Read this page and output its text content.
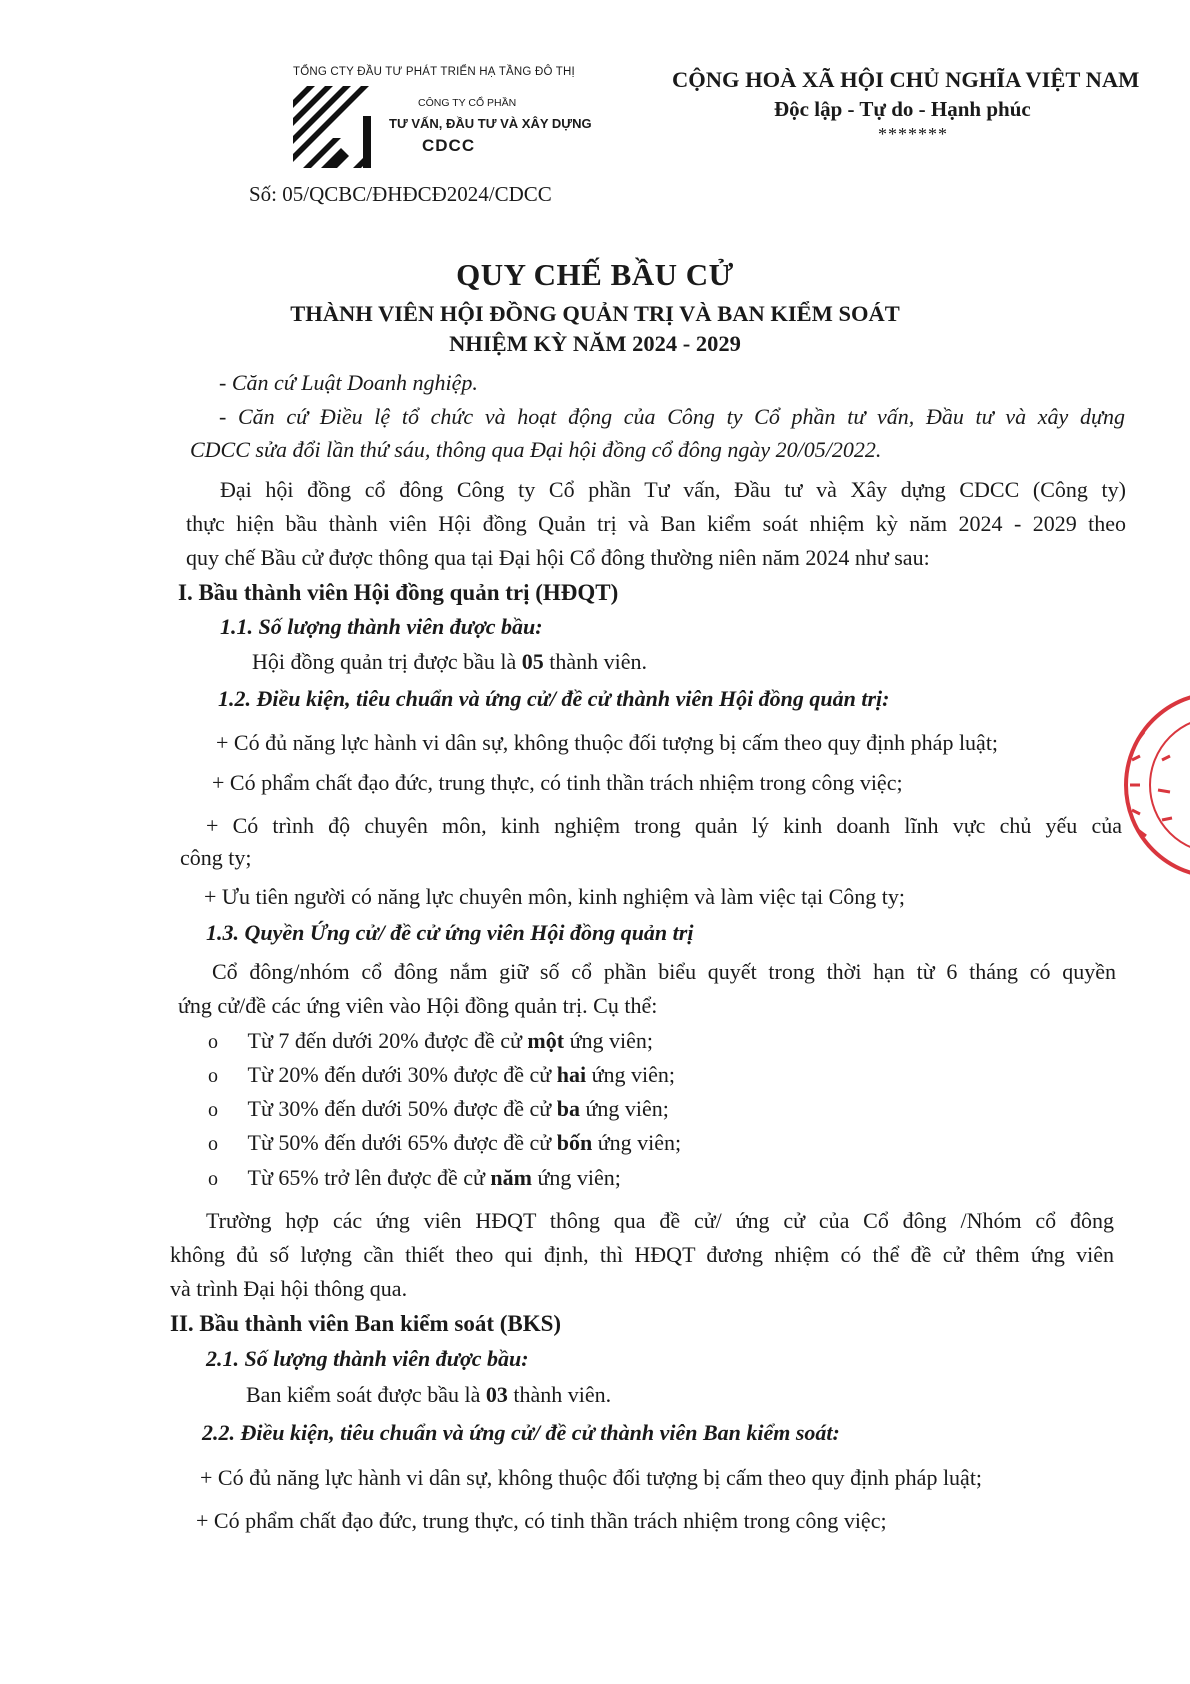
TỔNG CTY ĐẦU TƯ PHÁT TRIỂN HẠ TẦNG ĐÔ THỊ
CÔNG TY CỔ PHẦN
TƯ VẤN, ĐẦU TƯ VÀ XÂY DỰNG
CDCC
Số: 05/QCBC/ĐHĐCĐ2024/CDCC
CỘNG HOÀ XÃ HỘI CHỦ NGHĨA VIỆT NAM
Độc lập - Tự do - Hạnh phúc
*******
QUY CHẾ BẦU CỬ
THÀNH VIÊN HỘI ĐỒNG QUẢN TRỊ VÀ BAN KIỂM SOÁT
NHIỆM KỲ NĂM 2024 - 2029
- Căn cứ Luật Doanh nghiệp.
- Căn cứ Điều lệ tổ chức và hoạt động của Công ty Cổ phần tư vấn, Đầu tư và xây dựng
CDCC sửa đổi lần thứ sáu, thông qua Đại hội đồng cổ đông ngày 20/05/2022.
Đại hội đồng cổ đông Công ty Cổ phần Tư vấn, Đầu tư và Xây dựng CDCC (Công ty)
thực hiện bầu thành viên Hội đồng Quản trị và Ban kiểm soát nhiệm kỳ năm 2024 - 2029 theo
quy chế Bầu cử được thông qua tại Đại hội Cổ đông thường niên năm 2024 như sau:
I. Bầu thành viên Hội đồng quản trị (HĐQT)
1.1. Số lượng thành viên được bầu:
Hội đồng quản trị được bầu là 05 thành viên.
1.2. Điều kiện, tiêu chuẩn và ứng cử/ đề cử thành viên Hội đồng quản trị:
+ Có đủ năng lực hành vi dân sự, không thuộc đối tượng bị cấm theo quy định pháp luật;
+ Có phẩm chất đạo đức, trung thực, có tinh thần trách nhiệm trong công việc;
+ Có trình độ chuyên môn, kinh nghiệm trong quản lý kinh doanh lĩnh vực chủ yếu của
công ty;
+ Ưu tiên người có năng lực chuyên môn, kinh nghiệm và làm việc tại Công ty;
1.3. Quyền Ứng cử/ đề cử ứng viên Hội đồng quản trị
Cổ đông/nhóm cổ đông nắm giữ số cổ phần biểu quyết trong thời hạn từ 6 tháng có quyền
ứng cử/đề các ứng viên vào Hội đồng quản trị. Cụ thể:
o Từ 7 đến dưới 20% được đề cử một ứng viên;
o Từ 20% đến dưới 30% được đề cử hai ứng viên;
o Từ 30% đến dưới 50% được đề cử ba ứng viên;
o Từ 50% đến dưới 65% được đề cử bốn ứng viên;
o Từ 65% trở lên được đề cử năm ứng viên;
Trường hợp các ứng viên HĐQT thông qua đề cử/ ứng cử của Cổ đông /Nhóm cổ đông
không đủ số lượng cần thiết theo qui định, thì HĐQT đương nhiệm có thể đề cử thêm ứng viên
và trình Đại hội thông qua.
II. Bầu thành viên Ban kiểm soát (BKS)
2.1. Số lượng thành viên được bầu:
Ban kiểm soát được bầu là 03 thành viên.
2.2. Điều kiện, tiêu chuẩn và ứng cử/ đề cử thành viên Ban kiểm soát:
+ Có đủ năng lực hành vi dân sự, không thuộc đối tượng bị cấm theo quy định pháp luật;
+ Có phẩm chất đạo đức, trung thực, có tinh thần trách nhiệm trong công việc;
